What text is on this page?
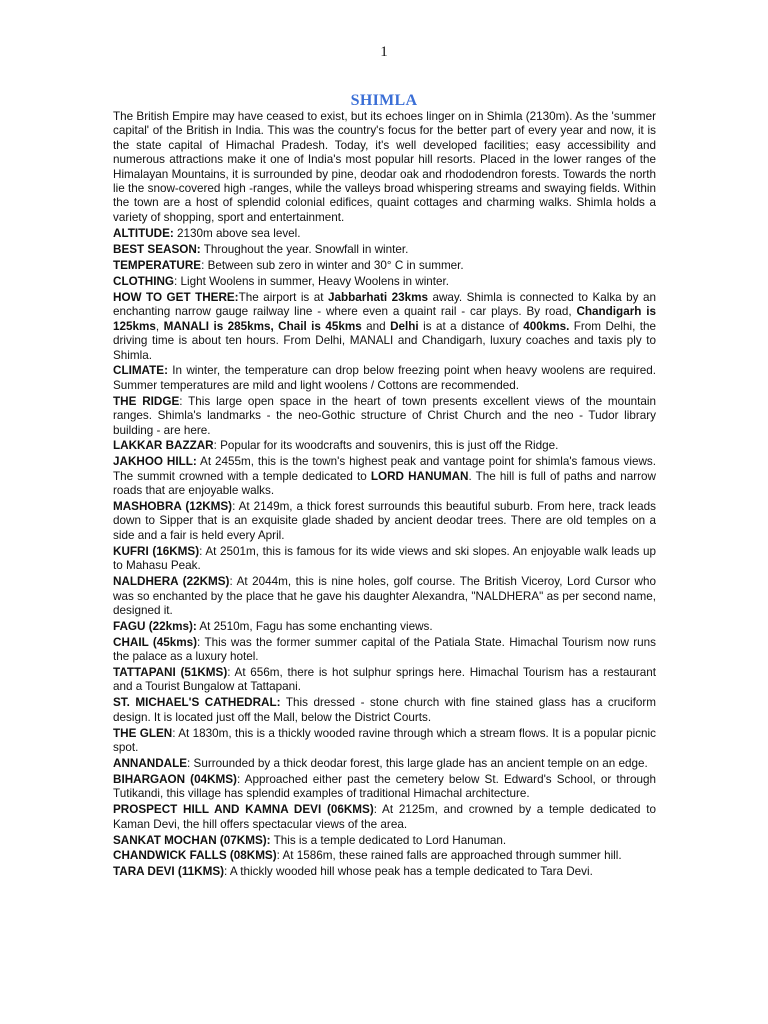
1
SHIMLA

The British Empire may have ceased to exist, but its echoes linger on in Shimla (2130m). As the 'summer capital' of the British in India. This was the country's focus for the better part of every year and now, it is the state capital of Himachal Pradesh. Today, it's well developed facilities; easy accessibility and numerous attractions make it one of India's most popular hill resorts. Placed in the lower ranges of the Himalayan Mountains, it is surrounded by pine, deodar oak and rhododendron forests. Towards the north lie the snow-covered high -ranges, while the valleys broad whispering streams and swaying fields. Within the town are a host of splendid colonial edifices, quaint cottages and charming walks. Shimla holds a variety of shopping, sport and entertainment.

ALTITUDE: 2130m above sea level.

BEST SEASON: Throughout the year. Snowfall in winter.

TEMPERATURE: Between sub zero in winter and 30° C in summer.

CLOTHING: Light Woolens in summer, Heavy Woolens in winter.

HOW TO GET THERE:The airport is at Jabbarhati 23kms away. Shimla is connected to Kalka by an enchanting narrow gauge railway line - where even a quaint rail - car plays. By road, Chandigarh is 125kms, MANALI is 285kms, Chail is 45kms and Delhi is at a distance of 400kms. From Delhi, the driving time is about ten hours. From Delhi, MANALI and Chandigarh, luxury coaches and taxis ply to Shimla.

CLIMATE: In winter, the temperature can drop below freezing point when heavy woolens are required. Summer temperatures are mild and light woolens / Cottons are recommended.

THE RIDGE: This large open space in the heart of town presents excellent views of the mountain ranges. Shimla's landmarks - the neo-Gothic structure of Christ Church and the neo - Tudor library building - are here.

LAKKAR BAZZAR: Popular for its woodcrafts and souvenirs, this is just off the Ridge.

JAKHOO HILL: At 2455m, this is the town's highest peak and vantage point for shimla's famous views. The summit crowned with a temple dedicated to LORD HANUMAN. The hill is full of paths and narrow roads that are enjoyable walks.

MASHOBRA (12KMS): At 2149m, a thick forest surrounds this beautiful suburb. From here, track leads down to Sipper that is an exquisite glade shaded by ancient deodar trees. There are old temples on a side and a fair is held every April.

KUFRI (16KMS): At 2501m, this is famous for its wide views and ski slopes. An enjoyable walk leads up to Mahasu Peak.

NALDHERA (22KMS): At 2044m, this is nine holes, golf course. The British Viceroy, Lord Cursor who was so enchanted by the place that he gave his daughter Alexandra, "NALDHERA" as per second name, designed it.

FAGU (22kms): At 2510m, Fagu has some enchanting views.

CHAIL (45kms): This was the former summer capital of the Patiala State. Himachal Tourism now runs the palace as a luxury hotel.

TATTAPANI (51KMS): At 656m, there is hot sulphur springs here. Himachal Tourism has a restaurant and a Tourist Bungalow at Tattapani.

ST. MICHAEL'S CATHEDRAL: This dressed - stone church with fine stained glass has a cruciform design. It is located just off the Mall, below the District Courts.

THE GLEN: At 1830m, this is a thickly wooded ravine through which a stream flows. It is a popular picnic spot.

ANNANDALE: Surrounded by a thick deodar forest, this large glade has an ancient temple on an edge.

BIHARGAON (04KMS): Approached either past the cemetery below St. Edward's School, or through Tutikandi, this village has splendid examples of traditional Himachal architecture.

PROSPECT HILL AND KAMNA DEVI (06KMS): At 2125m, and crowned by a temple dedicated to Kaman Devi, the hill offers spectacular views of the area.

SANKAT MOCHAN (07KMS): This is a temple dedicated to Lord Hanuman.

CHANDWICK FALLS (08KMS): At 1586m, these rained falls are approached through summer hill.

TARA DEVI (11KMS): A thickly wooded hill whose peak has a temple dedicated to Tara Devi.
